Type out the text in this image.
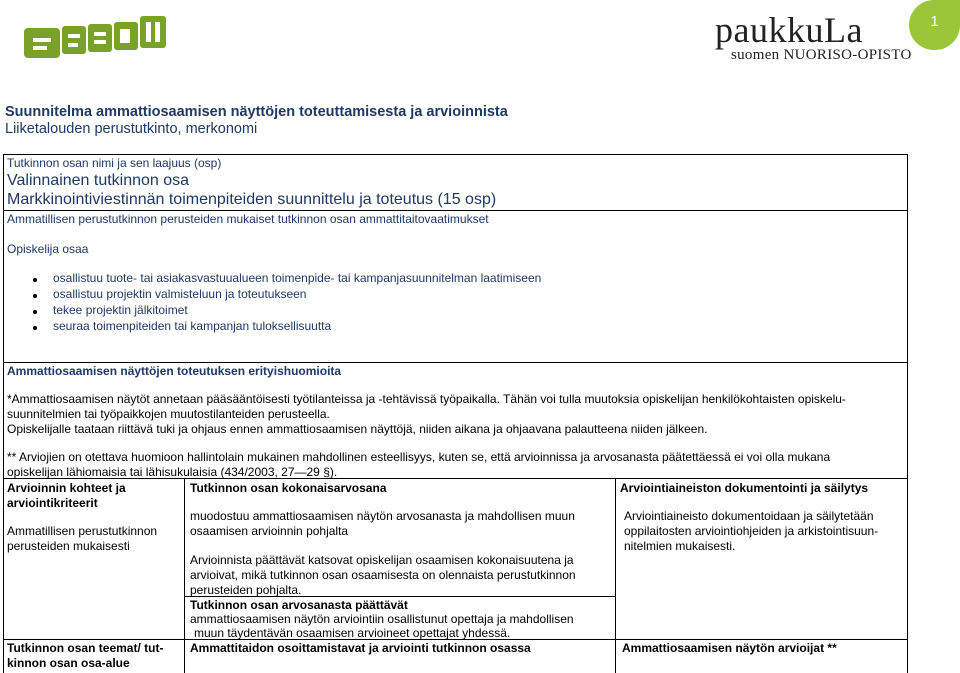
paukkuLa
suomen NUORISO-OPISTO
1
Suunnitelma ammattiosaamisen näyttöjen toteuttamisesta ja arvioinnista
Liiketalouden perustutkinto, merkonomi
Tutkinnon osan nimi ja sen laajuus (osp)
Valinnainen tutkinnon osa
Markkinointiviestinnän toimenpiteiden suunnittelu ja toteutus (15 osp)
Ammatillisen perustutkinnon perusteiden mukaiset tutkinnon osan ammattitaitovaatimukset
Opiskelija osaa
osallistuu tuote- tai asiakasvastuualueen toimenpide- tai kampanjasuunnitelman laatimiseen
osallistuu projektin valmisteluun ja toteutukseen
tekee projektin jälkitoimet
seuraa toimenpiteiden tai kampanjan tuloksellisuutta
Ammattiosaamisen näyttöjen toteutuksen erityishuomioita
*Ammattiosaamisen näytöt annetaan pääsääntöisesti työtilanteissa ja -tehtävissä työpaikalla. Tähän voi tulla muutoksia opiskelijan henkilökohtaisten opiskelu-
suunnitelmien tai työpaikkojen muutostilanteiden perusteella.
Opiskelijalle taataan riittävä tuki ja ohjaus ennen ammattiosaamisen näyttöjä, niiden aikana ja ohjaavana palautteena niiden jälkeen.
** Arviojien on otettava huomioon hallintolain mukainen mahdollinen esteellisyys, kuten se, että arvioinnissa ja arvosanasta päätettäessä ei voi olla mukana
opiskelijan lähiomaisia tai lähisukulaisia (434/2003, 27—29 §).
Arvioinnin kohteet ja
arviointikriteerit
Ammatillisen perustutkinnon
perusteiden mukaisesti
Tutkinnon osan kokonaisarvosana
muodostuu ammattiosaamisen näytön arvosanasta ja mahdollisen muun
osaamisen arvioinnin pohjalta
Arvioinnista päättävät katsovat opiskelijan osaamisen kokonaisuutena ja
arvioivat, mikä tutkinnon osan osaamisesta on olennaista perustutkinnon
perusteiden pohjalta.
Tutkinnon osan arvosanasta päättävät
ammattiosaamisen näytön arviointiin osallistunut opettaja ja mahdollisen
muun täydentävän osaamisen arvioineet opettajat yhdessä.
Arviointiaineiston dokumentointi ja säilytys
Arviointiaineisto dokumentoidaan ja säilytetään
oppilaitosten arviointiohjeiden ja arkistointisuun-
nitelmien mukaisesti.
Tutkinnon osan teemat/ tut-
kinnon osan osa-alue
Ammattitaidon osoittamistavat ja arviointi tutkinnon osassa	Ammattiosaamisen näytön arvioijat **
